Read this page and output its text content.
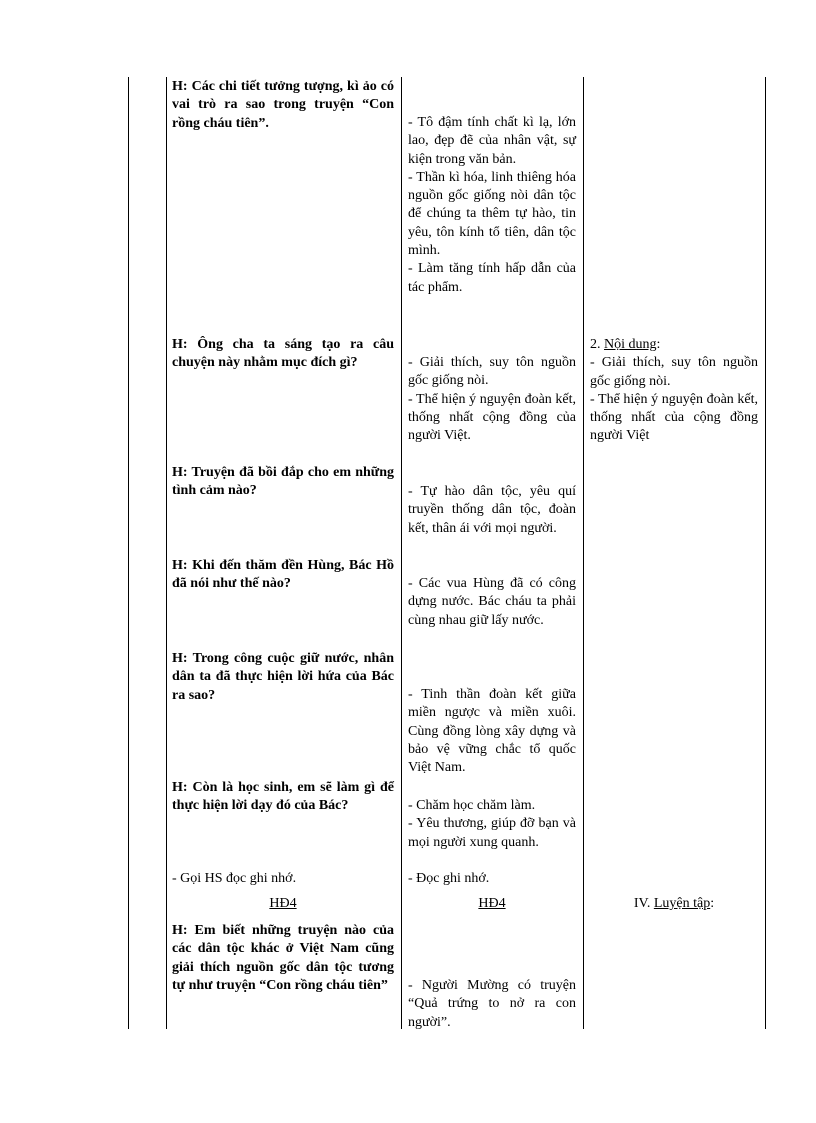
H: Các chi tiết tưởng tượng, kì ảo có vai trò ra sao trong truyện “Con rồng cháu tiên”.

H: Ông cha ta sáng tạo ra câu chuyện này nhằm mục đích gì?

H: Truyện đã bồi đắp cho em những tình cảm nào?

H: Khi đến thăm đền Hùng, Bác Hồ đã nói như thế nào?

H: Trong công cuộc giữ nước, nhân dân ta đã thực hiện lời hứa của Bác ra sao?

H: Còn là học sinh, em sẽ làm gì để thực hiện lời dạy đó của Bác?

- Gọi HS đọc ghi nhớ.

HĐ4

H: Em biết những truyện nào của các dân tộc khác ở Việt Nam cũng giải thích nguồn gốc dân tộc tương tự như truyện “Con rồng cháu tiên”

- Tô đậm tính chất kì lạ, lớn lao, đẹp đẽ của nhân vật, sự kiện trong văn bản.
- Thần kì hóa, linh thiêng hóa nguồn gốc giống nòi dân tộc để chúng ta thêm tự hào, tin yêu, tôn kính tổ tiên, dân tộc mình.
- Làm tăng tính hấp dẫn của tác phẩm.

- Giải thích, suy tôn nguồn gốc giống nòi.
- Thể hiện ý nguyện đoàn kết, thống nhất cộng đồng của người Việt.

- Tự hào dân tộc, yêu quí truyền thống dân tộc, đoàn kết, thân ái với mọi người.

- Các vua Hùng đã có công dựng nước. Bác cháu ta phải cùng nhau giữ lấy nước.

- Tinh thần đoàn kết giữa miền ngược và miền xuôi. Cùng đồng lòng xây dựng và bảo vệ vững chắc tổ quốc Việt Nam.

- Chăm học chăm làm.
- Yêu thương, giúp đỡ bạn và mọi người xung quanh.

- Đọc ghi nhớ.

HĐ4

- Người Mường có truyện “Quả trứng to nở ra con người”.

2. Nội dung:
- Giải thích, suy tôn nguồn gốc giống nòi.
- Thể hiện ý nguyện đoàn kết, thống nhất của cộng đồng người Việt

IV. Luyện tập:
